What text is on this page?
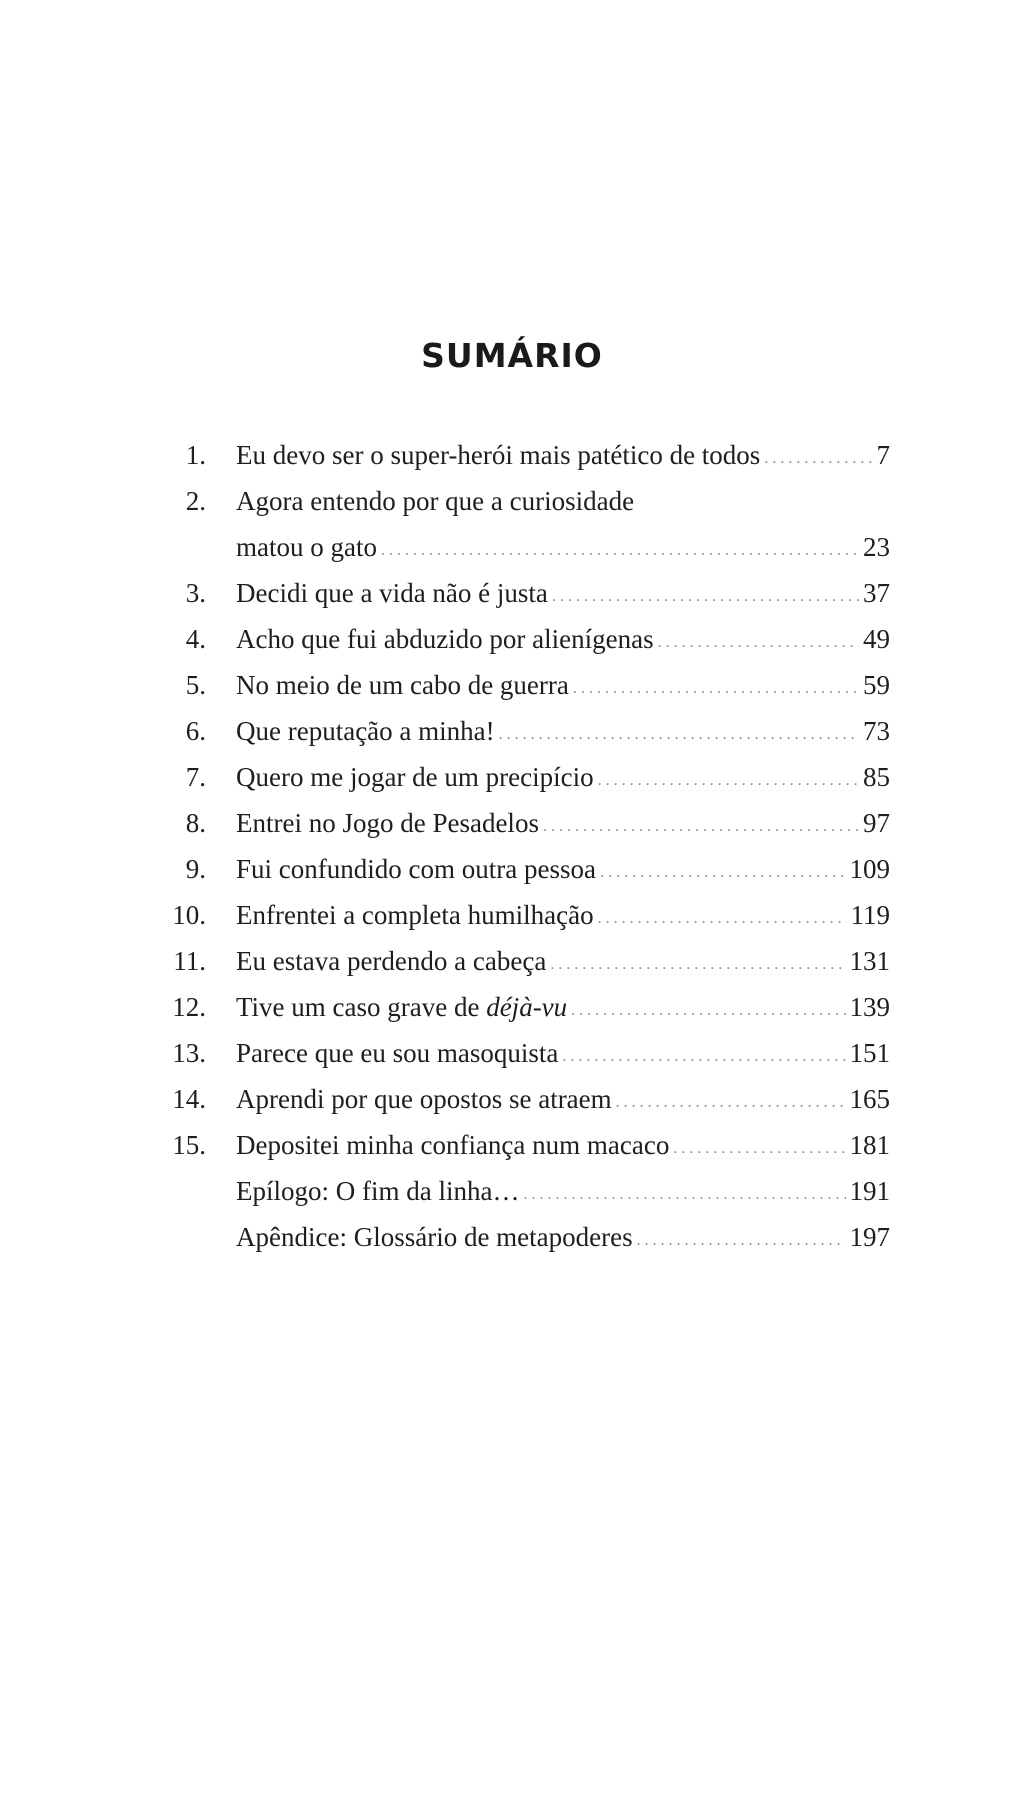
SUMÁRIO
1. Eu devo ser o super-herói mais patético de todos . . .	7
2. Agora entendo por que a curiosidade
matou o gato . . .	23
3. Decidi que a vida não é justa . . .	37
4. Acho que fui abduzido por alienígenas . . .	49
5. No meio de um cabo de guerra . . .	59
6. Que reputação a minha! . . .	73
7. Quero me jogar de um precipício . . .	85
8. Entrei no Jogo de Pesadelos . . .	97
9. Fui confundido com outra pessoa . . .	109
10. Enfrentei a completa humilhação . . .	119
11. Eu estava perdendo a cabeça . . .	131
12. Tive um caso grave de déjà-vu . . .	139
13. Parece que eu sou masoquista . . .	151
14. Aprendi por que opostos se atraem . . .	165
15. Depositei minha confiança num macaco . . .	181
Epílogo: O fim da linha… . . .	191
Apêndice: Glossário de metapoderes . . .	197
